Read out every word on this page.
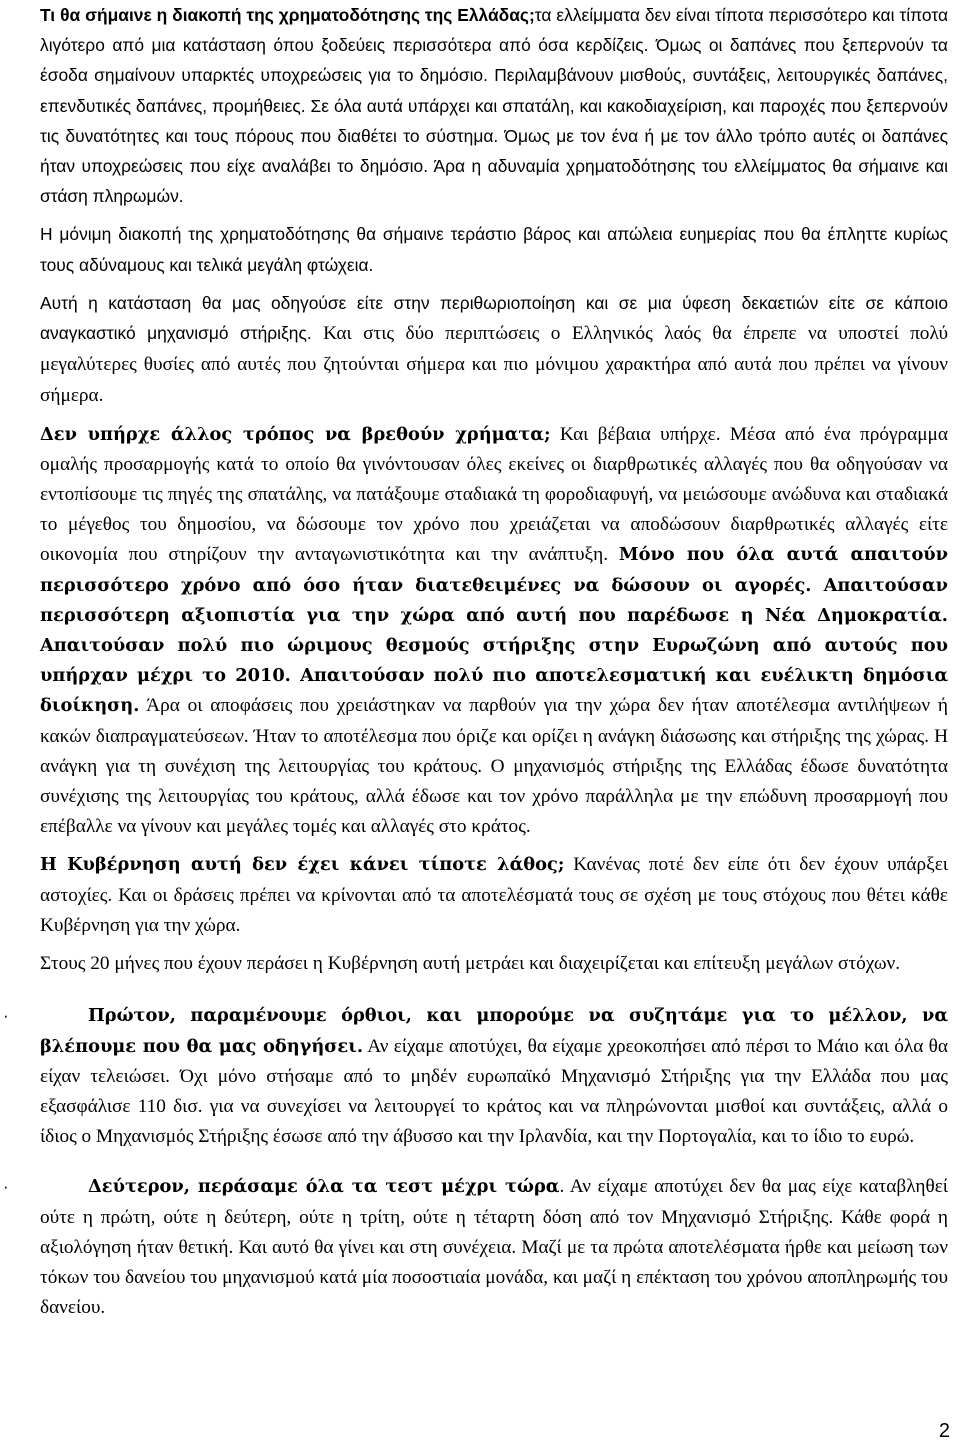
Τι θα σήμαινε η διακοπή της χρηματοδότησης της Ελλάδας;τα ελλείμματα δεν είναι τίποτα περισσότερο και τίποτα λιγότερο από μια κατάσταση όπου ξοδεύεις περισσότερα από όσα κερδίζεις. Όμως οι δαπάνες που ξεπερνούν τα έσοδα σημαίνουν υπαρκτές υποχρεώσεις για το δημόσιο. Περιλαμβάνουν μισθούς, συντάξεις, λειτουργικές δαπάνες, επενδυτικές δαπάνες, προμήθειες. Σε όλα αυτά υπάρχει και σπατάλη, και κακοδιαχείριση, και παροχές που ξεπερνούν τις δυνατότητες και τους πόρους που διαθέτει το σύστημα. Όμως με τον ένα ή με τον άλλο τρόπο αυτές οι δαπάνες ήταν υποχρεώσεις που είχε αναλάβει το δημόσιο. Άρα η αδυναμία χρηματοδότησης του ελλείμματος θα σήμαινε και στάση πληρωμών.

Η μόνιμη διακοπή της χρηματοδότησης θα σήμαινε τεράστιο βάρος και απώλεια ευημερίας που θα έπληττε κυρίως τους αδύναμους και τελικά μεγάλη φτώχεια.

Αυτή η κατάσταση θα μας οδηγούσε είτε στην περιθωριοποίηση και σε μια ύφεση δεκαετιών είτε σε κάποιο αναγκαστικό μηχανισμό στήριξης. Και στις δύο περιπτώσεις ο Ελληνικός λαός θα έπρεπε να υποστεί πολύ μεγαλύτερες θυσίες από αυτές που ζητούνται σήμερα και πιο μόνιμου χαρακτήρα από αυτά που πρέπει να γίνουν σήμερα.

Δεν υπήρχε άλλος τρόπος να βρεθούν χρήματα; Και βέβαια υπήρχε. Μέσα από ένα πρόγραμμα ομαλής προσαρμογής κατά το οποίο θα γινόντουσαν όλες εκείνες οι διαρθρωτικές αλλαγές που θα οδηγούσαν να εντοπίσουμε τις πηγές της σπατάλης, να πατάξουμε σταδιακά τη φοροδιαφυγή, να μειώσουμε ανώδυνα και σταδιακά το μέγεθος του δημοσίου, να δώσουμε τον χρόνο που χρειάζεται να αποδώσουν διαρθρωτικές αλλαγές είτε οικονομία που στηρίζουν την ανταγωνιστικότητα και την ανάπτυξη. Μόνο που όλα αυτά απαιτούν περισσότερο χρόνο από όσο ήταν διατεθειμένες να δώσουν οι αγορές. Απαιτούσαν περισσότερη αξιοπιστία για την χώρα από αυτή που παρέδωσε η Νέα Δημοκρατία. Απαιτούσαν πολύ πιο ώριμους θεσμούς στήριξης στην Ευρωζώνη από αυτούς που υπήρχαν μέχρι το 2010. Απαιτούσαν πολύ πιο αποτελεσματική και ευέλικτη δημόσια διοίκηση. Άρα οι αποφάσεις που χρειάστηκαν να παρθούν για την χώρα δεν ήταν αποτέλεσμα αντιλήψεων ή κακών διαπραγματεύσεων. Ήταν το αποτέλεσμα που όριζε και ορίζει η ανάγκη διάσωσης και στήριξης της χώρας. Η ανάγκη για τη συνέχιση της λειτουργίας του κράτους. Ο μηχανισμός στήριξης της Ελλάδας έδωσε δυνατότητα συνέχισης της λειτουργίας του κράτους, αλλά έδωσε και τον χρόνο παράλληλα με την επώδυνη προσαρμογή που επέβαλλε να γίνουν και μεγάλες τομές και αλλαγές στο κράτος.

Η Κυβέρνηση αυτή δεν έχει κάνει τίποτε λάθος; Κανένας ποτέ δεν είπε ότι δεν έχουν υπάρξει αστοχίες. Και οι δράσεις πρέπει να κρίνονται από τα αποτελέσματά τους σε σχέση με τους στόχους που θέτει κάθε Κυβέρνηση για την χώρα.

Στους 20 μήνες που έχουν περάσει η Κυβέρνηση αυτή μετράει και διαχειρίζεται και επίτευξη μεγάλων στόχων.

·	Πρώτον, παραμένουμε όρθιοι, και μπορούμε να συζητάμε για το μέλλον, να βλέπουμε που θα μας οδηγήσει. Αν είχαμε αποτύχει, θα είχαμε χρεοκοπήσει από πέρσι το Μάιο και όλα θα είχαν τελειώσει. Όχι μόνο στήσαμε από το μηδέν ευρωπαϊκό Μηχανισμό Στήριξης για την Ελλάδα που μας εξασφάλισε 110 δισ. για να συνεχίσει να λειτουργεί το κράτος και να πληρώνονται μισθοί και συντάξεις, αλλά ο ίδιος ο Μηχανισμός Στήριξης έσωσε από την άβυσσο και την Ιρλανδία, και την Πορτογαλία, και το ίδιο το ευρώ.

·	Δεύτερον, περάσαμε όλα τα τεστ μέχρι τώρα. Αν είχαμε αποτύχει δεν θα μας είχε καταβληθεί ούτε η πρώτη, ούτε η δεύτερη, ούτε η τρίτη, ούτε η τέταρτη δόση από τον Μηχανισμό Στήριξης. Κάθε φορά η αξιολόγηση ήταν θετική. Και αυτό θα γίνει και στη συνέχεια. Μαζί με τα πρώτα αποτελέσματα ήρθε και μείωση των τόκων του δανείου του μηχανισμού κατά μία ποσοστιαία μονάδα, και μαζί η επέκταση του χρόνου αποπληρωμής του δανείου.

2
